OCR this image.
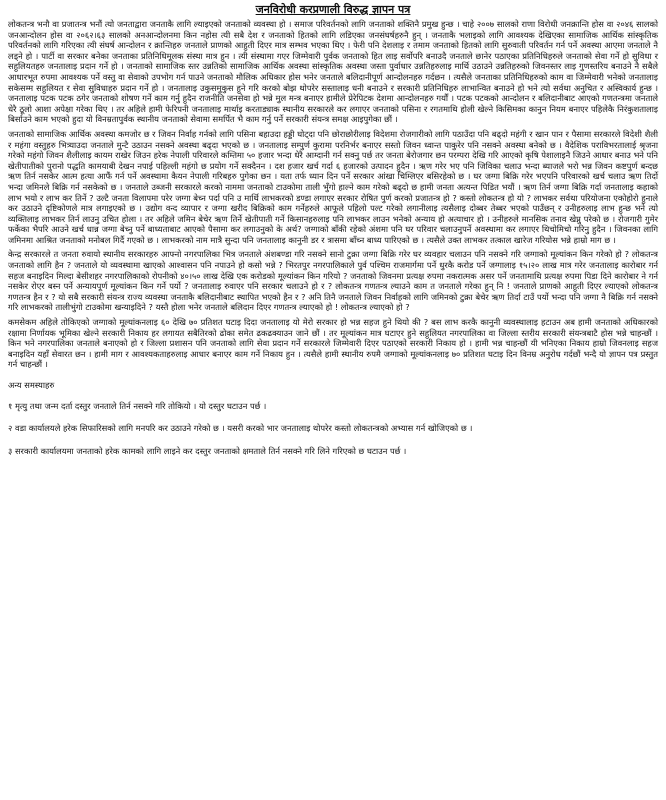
जनविरोधी करप्रणाली विरुद्ध ज्ञापन पत्र
लोकतन्त्र भनौ वा प्रजातन्त्र भनौं त्यो जनताद्वारा जनताकै लागि ल्याइएको जनताको व्यवस्था हो । समाज परिवर्तनको लागि जनताको शक्तिनै प्रमुख हुन्छ । चाहे २००७ सालको राणा विरोधी जनक्रान्ति होस वा २०४६ सालको जनआन्दोलन होस वा २०६२।६३ सालको अनआन्दोलनमा किन नहोस त्यी सबै देश र जनताको हितको लागि लडिएका जनसंघर्षहरुनै हुन् । जनताकै भलाइको लागि आवश्यक देखिएका सामाजिक आर्थिक सांस्कृतिक परिवर्तनको लागि गरिएका त्यी संघर्ष आन्दोलन र क्रान्तिहरु जनताले प्राणको आहुती दिएर मात्र सम्भव भएका थिए । फेरी पनि देशलाइ र तमाम जनताको हितको लागि सुरुवाती परिवर्तन गर्न पर्ने अवस्था आएमा जनताले नै लड्ने हो । पार्टी वा सरकार बनेका जनताका प्रतिनिधिमूलक संस्था मात्र हुन । त्यी संस्थामा गएर जिम्मेवारी पुर्वक जनताको हित लाइ सर्वोपरि बनाउदै जनताले छानेर पठाएका प्रतिनिधिहरुले जनताको सेवा गर्ने हो सुविधा र सहुलियतहरु जनतालाइ प्रदान गर्ने हो । जनताको सामाजिक स्तर उन्नतिको सामाजिक आर्थिक अवस्था सांस्कृतिक अवस्था जस्ता पुर्वाधार उन्नतिहरुलाइ मार्थि उठाउने उन्नतिहरुको जिवनस्तर लाइ गुणस्तरिय बनाउने नै सबैले आधारभूत रुपमा आवश्यक पर्ने वस्तु वा सेवाको उपभोग गर्न पाउने जनताको मौलिक अधिकार होस भनेर जनताले बलिदानीपूर्ण आन्दोलनहरु गर्दछन । त्यसैले जनताका प्रतिनिधिहरुको काम वा जिम्मेवारी भनेको जनतालाइ सकेसम्म सहुलियत र सेवा सुविधाहरु प्रदान गर्ने हो । जनतालाइ उकुसमुकुस हुने गरि करको बोझ थोपरेर सस्तालाइ धनी बनाउने र सरकारी प्रतिनिधिहरु लाभान्वित बनाउने हो भने त्यो सर्वथा अनुचित र अस्विकार्य हुन्छ । जनतालाइ पटक पटक ठगेर जनताको शोषण गर्ने काम गर्नु हुदैन राजनीति जनसेवा हो भन्ने मुल मन्त्र बनाएर हामीले प्रेरेपिटक देशमा आन्दोलनहरु गर्यौं । पटक पटकको आन्दोलन र बलिदानीबाट आएको गणतन्त्रमा जनताले धेरै ठूलो आशा अपेक्षा गरेका थिए । तर अहिले हामी फेरिपनी जनतालाइ मार्थाइ करताड्याक स्थानीय सरकारले कर लगाएर जनताको पसिना र रगतमाथि होली खेल्ने किसिमका कानुन नियम बनाएर पहिलेकै निरंकुशतालाइ बिर्साउने काम भएको हुदा यो विनम्रतापुर्वक स्थानीय जनताको सेवामा समर्पित भै काम गर्नु पर्ने सरकारी संयन्त्र समक्ष आइपुगेका छौं ।
जनताको सामाजिक आर्थिक अवस्था कमजोर छ र जिवन निर्वाह गर्नको लागि पसिना बहाउदा हड्डी घोट्दा पनि छोराछोरीलाइ विदेशमा रोजगारीको लागि पठाउँदा पनि बढ्दो महंगी र खान पान र पैसामा सरकारले विदेशी शैली र महंगा वस्तुहरु भित्र्याउदा जनताले मुन्टै उठाउन नसक्ने अवस्था बढ्दा भएको छ । जनतालाइ सम्पुर्ण कुरामा परनिर्भर बनाएर सस्तो जिवन ध्वान्त पाकुरेर पनि नसक्ने अवस्था बनेको छ । वैदेशिक पराविभरतालाई श्रृजना गरेको महंगो जिवन शैलीलाइ कायम राखेर जिउन हरेक नेपाली परिवारले कम्तिमा ५० हजार भन्दा धेरै आम्दानी गर्न सक्नु पर्छ तर जनता बेरोजगार छन परम्परा देखि गरि आएको कृषि पेशालाइनै जिउने आधार बनाउ भने पनि खेतीपातीको पुरानो पद्धति कामयाबी देखन नपाई पहिल्ली महंगो छ प्रयोग गर्ने सक्दैनन । दश हजार खर्च गर्दा ६ हजारको उत्पादन हुदैन । ऋण गरेर भए पनि जिविका चलाउ भन्दा ब्याजले भरो भन्न जिवन कष्टपुर्ण बन्दछ ऋण तिर्न नसकेर आत्म हत्या आफैं गर्न पर्ने अवस्थामा कैयन नेपाली गरिबहरु पुगेका छन । यता तर्फ ध्यान दिन पर्ने सरकार आंखा चिम्लिएर बसिरहेको छ । घर जग्गा बिक्रि गरेर भएपनि परिवारको खर्च चलाउ ऋण तिर्दो भन्दा जमिनले बिक्रि गर्न नसकेको छ । जनताले उब्जनी सरकारले करको नाममा जनताको टाउकोमा ताली भुँगो हाल्ने काम गरेको बढ्दो छ हामी जनता अत्यन्त पिडित भयौं । ऋण तिर्न जग्गा बिक्रि गर्दा जनतालाइ कहाको लाभ भयो र लाभ कर तिर्ने ? उल्टै जनता विलापमा परेर जग्गा बेच्न पर्दा पनि उ मार्थि लाभकरको डण्डा लगाएर सरकार रोषित पुर्ण करको प्रजातन्त्र हो ? कस्तो लोकतन्त्र हो यो ? लाभकर सर्वथा परियोजना एकोहोरो हुनाले कर उठाउने दृष्टिकोणले मात्र लगाइएको छ । उद्योग वन्द व्यापार र जग्गा खरीद बिक्रिको काम गर्नेहरुले आफूले पहिलो पल्ट गरेको लगानीलाइ त्यसैलाइ दोब्बर तेब्बर भएको पाउँछन् र उनीहरुलाइ लाभ हुन्छ भने त्यो व्यक्तिलाइ लाभकर तिर्न लाउनु उचित होला । तर अहिले जमिन बेचेर ऋण तिर्ने खेतीपाती गर्ने किसानहरुलाइ पनि लाभकर लाउन भनेको अन्याय हो अत्याचार हो । उनीहरुले मानसिक तनाव खेप्नु परेको छ । रोजगारी गुमेर फर्केका भैपरि आउने खर्च धान्न जग्गा बेच्नु पर्ने बाध्यताबाट आएको पैसामा कर लगाउनुको के अर्थ? जग्गाको बाँकी रहेको अंशमा पनि घर परिवार चलाउनुपर्ने अवस्थामा कर लगाएर थिचोमिचो गरिनु हुदैन । जिवनका लागि जमिनमा आश्रित जनताको मनोबल गिर्दै गएको छ । लाभकरको नाम मात्रै सुन्दा पनि जनतालाइ कानुनी डर र त्रासमा बाँच्न बाध्य पारिएको छ । त्यसैले उक्त लाभकर तत्काल खारेज गरियोस भन्ने हाम्रो माग छ ।
केन्द्र सरकारले त जनता रुवायो स्थानीय सरकारहरु आफ्नो नगरपालिका भित्र जनताले अंशबण्डा गरि नसक्ने सानो टुक्रा जग्गा बिक्रि गरेर घर व्यवहार चलाउन पनि नसक्ने गरि जग्गाको मूल्यांकन किन गरेको हो ? लोकतन्त्र जनताको लागि हैन ? जनताले यो व्यवस्थामा खाएको आश्वासन पनि नपाउने हो कसो भन्ने ? भिरतपुर नगरपालिकाले पुर्व पश्चिम राजमार्गमा पर्ने धुरकै करोड पर्ने जग्गालाइ १५।२० लाख मात्र गरेर जनतालाइ कारोबार गर्न सहज बनाइदिन मिल्दा बेसीशहर नगरपालिकाको रोपनीको ४०।५० लाख देखि एक करोडको मूल्यांकन किन गरियो ? जनताको जिवनमा प्रत्यक्ष रुपमा नकरात्मक असर पर्ने जनतामाथि प्रत्यक्ष रुपमा पिडा दिने कारोबार ने गर्न नसकेर रोएर बस्न पर्ने अन्यायपूर्ण मूल्यांकन किन गर्ने पर्यो ? जनतालाइ रुवाएर पनि सरकार चलाउने हो र ? लोकतन्त्र गणतन्त्र ल्याउने काम त जनताले गरेका हुन् नि ! जनताले प्राणको आहुती दिएर ल्याएको लोकतन्त्र गणतन्त्र हैन र ? यो सबै सरकारी संयन्त्र राज्य व्यवस्था जनताकै बलिदानीबाट स्थापित भएको हैन र ? अनि तिनै जनताले जिवन निर्वाहको लागि जमिनको टुक्रा बेचेर ऋण तिर्दा टाउँ पर्यो भन्दा पनि जग्गा नै बिक्रि गर्न नसक्ने गरि लाभकरको तालीभुंगो टाउकोमा खन्याइदिने ? यस्तै होला भनेर जनताले बलिदान दिएर गणतन्त्र ल्याएको हो ! लोकतन्त्र ल्याएको हो ?
कमसेकम अहिले तोकिएको जग्गाको मूल्यांकनलाइ ६० देखि ७० प्रतिशत घटाइ दिदा जनतालाइ यो मेरो सरकार हो भन्न सहज हुने थियो की ? बस लाभ करकै कानुनी व्यवस्थालाइ हटाउन अब हामी जनताको अधिकारको रक्षामा निर्णायक भूमिका खेल्ने सरकारी निकाय हर लगायत सबैतिरको ढोका समेत ढकढक्याउन जाने छौं । तर मूल्यांकन मात्र घटाएर हुने सहुलियत नगरपालिका वा जिल्ला स्तरीय सरकारी संयन्त्रबाटै होस भन्ने चाहन्छौं । किन भने नगरपालिका जनताले बनाएको हो र जिल्ला प्रशासन पनि जनताको लागि सेवा प्रदान गर्ने सरकारले जिम्मेवारी दिएर पठाएको सरकारी निकाय हो । हामी भन्न चाहन्छौं यी भनिएका निकाय हाम्रो जिवनलाइ सहज बनाइदिन यहाँ सेवारत छन । हामी माग र आवश्यकताहरुलाइ आधार बनाएर काम गर्ने निकाय हुन । त्यसैले हामी स्थानीय रुपमै जग्गाको मूल्यांकनलाइ ७० प्रतिशत घटाइ दिन विनम्र अनुरोध गर्दछौं भन्दै यो ज्ञापन पत्र प्रस्तुत गर्न चाहन्छौं ।
अन्य समस्याहरु
१ मृत्यु तथा जन्म दर्ता दस्तुर जनताले तिर्न नसक्ने गरि तोकियो । यो दस्तुर घटाउन पर्छ ।
२ वडा कार्यालयले हरेक सिफारिसको लागि मनपरि कर उठाउने गरेको छ । यसरी करको भार जनतालाइ थोपरेर कस्तो लोकतन्त्रको अभ्यास गर्न खोजिएको छ ।
३ सरकारी कार्यालयमा जनताको हरेक कामको लागि लाइने कर दस्तुर जनताको क्षमताले तिर्न नसक्ने गरि लिने गरिएको छ घटाउन पर्छ ।
